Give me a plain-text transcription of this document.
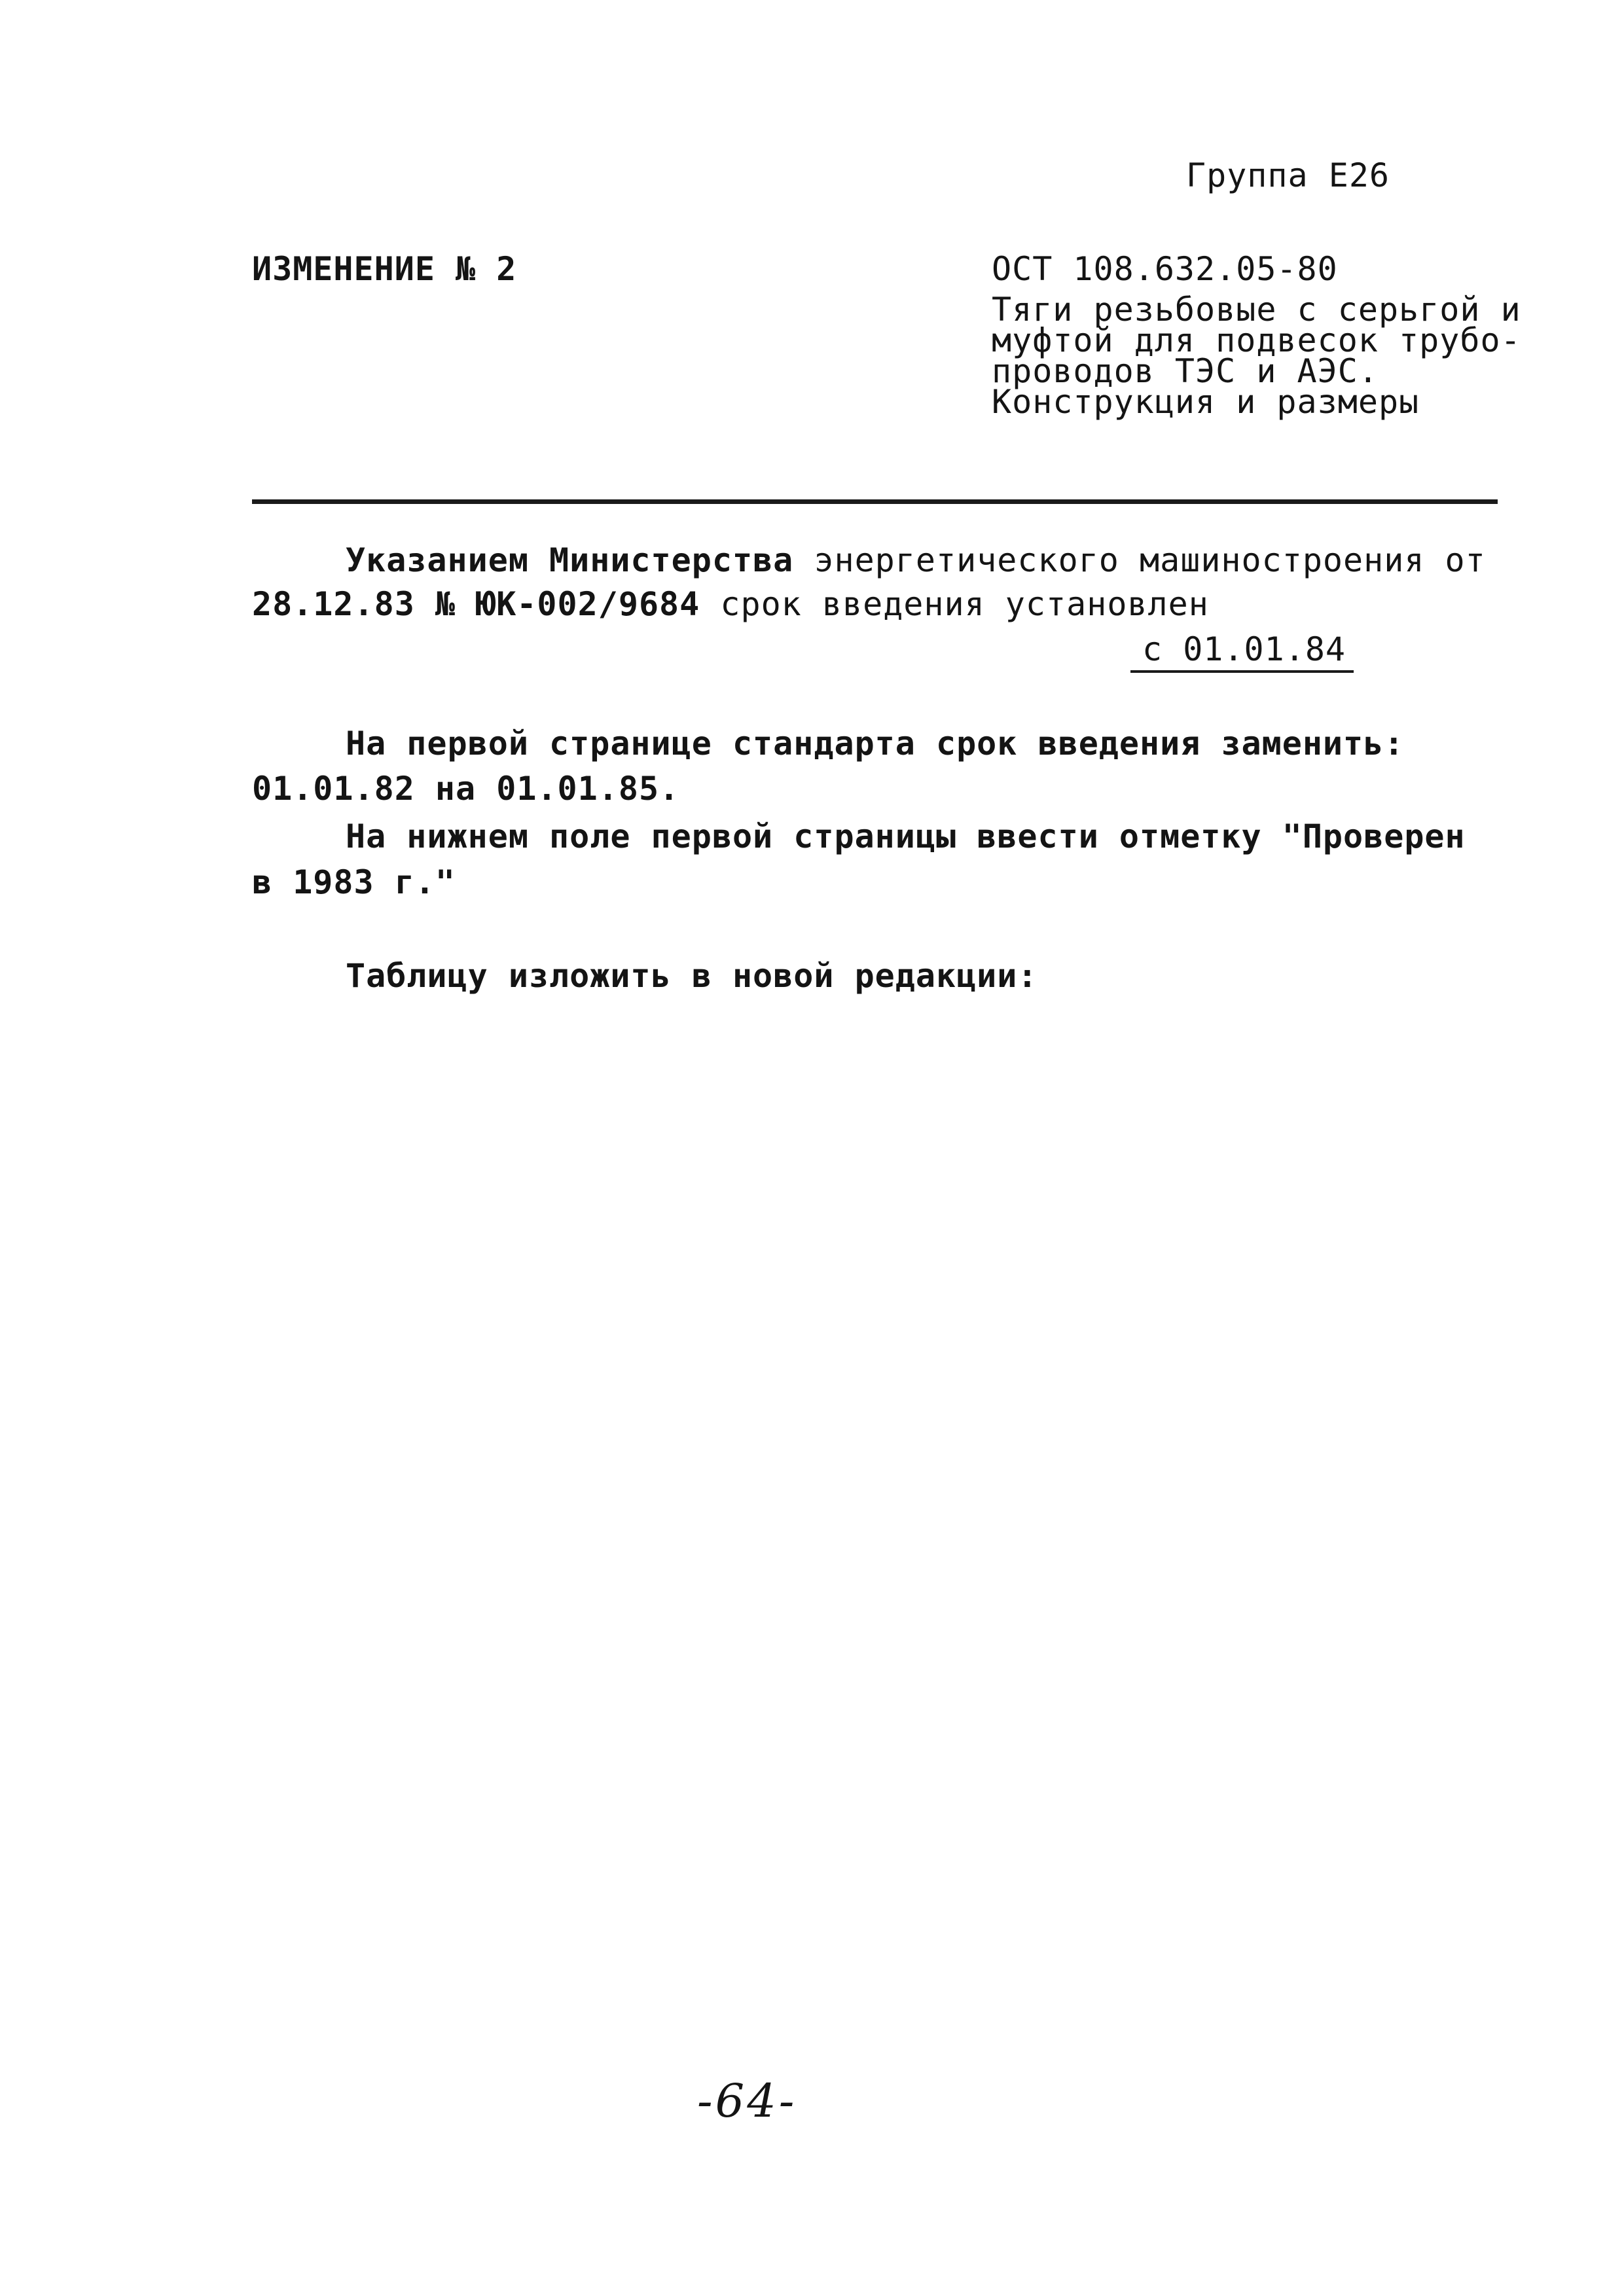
Группа Е26
ИЗМЕНЕНИЕ № 2	ОСТ 108.632.05-80
Тяги резьбовые с серьгой и
муфтой для подвесок трубо-
проводов ТЭС и АЭС.
Конструкция и размеры
Указанием Министерства энергетического машиностроения от
28.12.83 № ЮК-002/9684 срок введения установлен
с 01.01.84
На первой странице стандарта срок введения заменить:
01.01.82 на 01.01.85.
На нижнем поле первой страницы ввести отметку "Проверен
в 1983 г."
Таблицу изложить в новой редакции:
-64-
